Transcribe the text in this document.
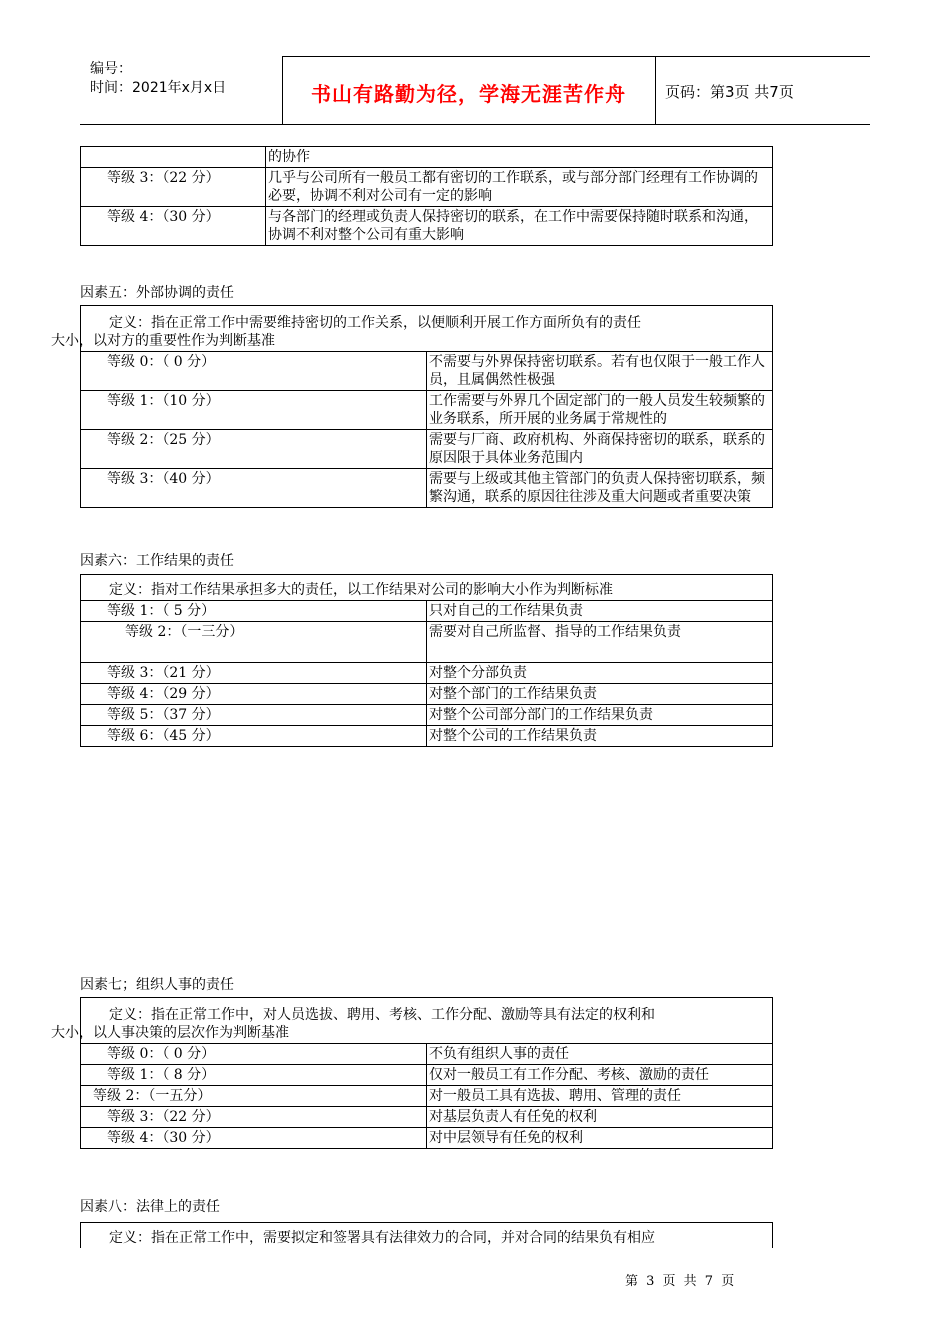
编号：
时间：2021年x月x日	书山有路勤为径，学海无涯苦作舟	页码：第3页 共7页
	的协作
等级 3：（22 分）	几乎与公司所有一般员工都有密切的工作联系，或与部分部门经理有工作协调的必要，协调不利对公司有一定的影响
等级 4：（30 分）	与各部门的经理或负责人保持密切的联系，在工作中需要保持随时联系和沟通，协调不利对整个公司有重大影响
因素五：外部协调的责任
定义：指在正常工作中需要维持密切的工作关系，以便顺利开展工作方面所负有的责任
大小，以对方的重要性作为判断基准	

等级 0：（ 0 分）	不需要与外界保持密切联系。若有也仅限于一般工作人员，且属偶然性极强
等级 1：（10 分）	工作需要与外界几个固定部门的一般人员发生较频繁的业务联系，所开展的业务属于常规性的
等级 2：（25 分）	需要与厂商、政府机构、外商保持密切的联系，联系的原因限于具体业务范围内
等级 3：（40 分）	需要与上级或其他主管部门的负责人保持密切联系，频繁沟通，联系的原因往往涉及重大问题或者重要决策
因素六：工作结果的责任
定义：指对工作结果承担多大的责任，以工作结果对公司的影响大小作为判断标准	
等级 1：（ 5 分）	只对自己的工作结果负责
等级 2：（一三分）	需要对自己所监督、指导的工作结果负责
等级 3：（21 分）	对整个分部负责
等级 4：（29 分）	对整个部门的工作结果负责
等级 5：（37 分）	对整个公司部分部门的工作结果负责
等级 6：（45 分）	对整个公司的工作结果负责
因素七；组织人事的责任
定义：指在正常工作中，对人员选拔、聘用、考核、工作分配、激励等具有法定的权利和
大小，以人事决策的层次作为判断基准	

等级 0：（ 0 分）	不负有组织人事的责任
等级 1：（ 8 分）	仅对一般员工有工作分配、考核、激励的责任
等级 2：（一五分）	对一般员工具有选拔、聘用、管理的责任
等级 3：（22 分）	对基层负责人有任免的权利
等级 4：（30 分）	对中层领导有任免的权利
因素八：法律上的责任
定义：指在正常工作中，需要拟定和签署具有法律效力的合同，并对合同的结果负有相应
第 3 页 共 7 页
